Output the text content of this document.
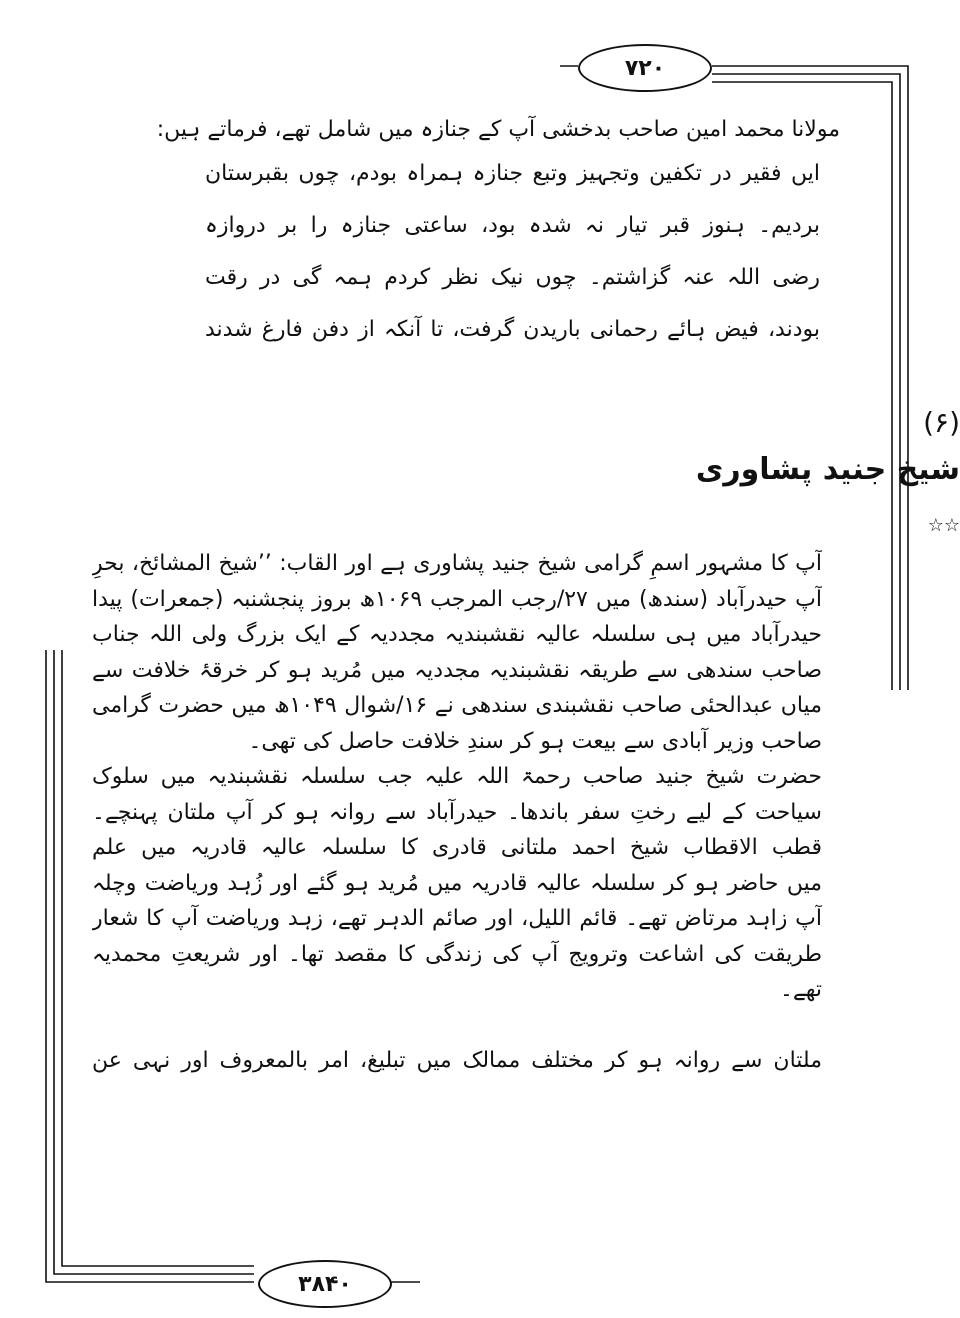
۷۲۰
۳۸۴۰
مولانا محمد امین صاحب بدخشی آپ کے جنازہ میں شامل تھے، فرماتے ہیں:
ایں فقیر در تکفین وتجہیز وتبع جنازہ ہمراہ بودم، چوں بقبرستان
بردیم۔ ہنوز قبر تیار نہ شدہ بود، ساعتی جنازہ را بر دروازہ
رضی اللہ عنہ گزاشتم۔ چوں نیک نظر کردم ہمہ گی در رقت
بودند، فیض ہائے رحمانی باریدن گرفت، تا آنکہ از دفن فارغ شدند
(۶)
شیخ جنید پشاوری
☆☆
آپ کا مشہور اسمِ گرامی شیخ جنید پشاوری ہے اور القاب: ’’شیخ المشائخ، بحرِ
آپ حیدرآباد (سندھ) میں ۲۷/رجب المرجب ۱۰۶۹ھ بروز پنجشنبہ (جمعرات) پیدا
حیدرآباد میں ہی سلسلہ عالیہ نقشبندیہ مجددیہ کے ایک بزرگ ولی اللہ جناب
صاحب سندھی سے طریقہ نقشبندیہ مجددیہ میں مُرید ہو کر خرقۂ خلافت سے
میاں عبدالحئی صاحب نقشبندی سندھی نے ۱۶/شوال ۱۰۴۹ھ میں حضرت گرامی
صاحب وزیر آبادی سے بیعت ہو کر سندِ خلافت حاصل کی تھی۔
حضرت شیخ جنید صاحب رحمۃ اللہ علیہ جب سلسلہ نقشبندیہ میں سلوک
سیاحت کے لیے رختِ سفر باندھا۔ حیدرآباد سے روانہ ہو کر آپ ملتان پہنچے۔
قطب الاقطاب شیخ احمد ملتانی قادری کا سلسلہ عالیہ قادریہ میں علم
میں حاضر ہو کر سلسلہ عالیہ قادریہ میں مُرید ہو گئے اور زُہد وریاضت وچلہ
آپ زاہد مرتاض تھے۔ قائم اللیل، اور صائم الدہر تھے، زہد وریاضت آپ کا شعار
طریقت کی اشاعت وترویج آپ کی زندگی کا مقصد تھا۔ اور شریعتِ محمدیہ
تھے۔
ملتان سے روانہ ہو کر مختلف ممالک میں تبلیغ، امر بالمعروف اور نہی عن
